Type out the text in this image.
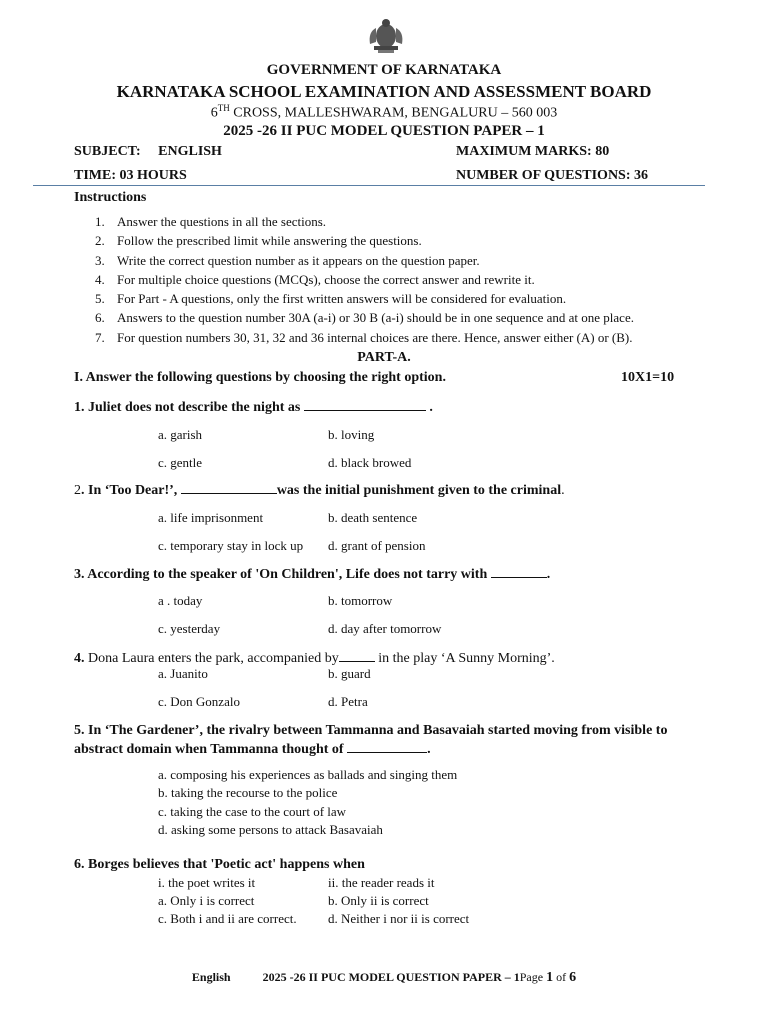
GOVERNMENT OF KARNATAKA
KARNATAKA SCHOOL EXAMINATION AND ASSESSMENT BOARD
6TH CROSS, MALLESHWARAM, BENGALURU – 560 003
2025 -26 II PUC MODEL QUESTION PAPER – 1
SUBJECT:     ENGLISH	MAXIMUM MARKS: 80
TIME: 03 HOURS	NUMBER OF QUESTIONS: 36
Instructions
1. Answer the questions in all the sections.
2. Follow the prescribed limit while answering the questions.
3. Write the correct question number as it appears on the question paper.
4. For multiple choice questions (MCQs), choose the correct answer and rewrite it.
5. For Part - A questions, only the first written answers will be considered for evaluation.
6. Answers to the question number 30A (a-i) or 30 B (a-i) should be in one sequence and at one place.
7. For question numbers 30, 31, 32 and 36 internal choices are there. Hence, answer either (A) or (B).
PART-A.
I. Answer the following questions by choosing the right option.	10X1=10
1. Juliet does not describe the night as	.
a. garish	b. loving
c. gentle	d. black browed
2. In ‘Too Dear!’,	was the initial punishment given to the criminal.
a. life imprisonment	b. death sentence
c. temporary stay in lock up d. grant of pension
3. According to the speaker of 'On Children', Life does not tarry with	.
a . today	b. tomorrow
c. yesterday	d. day after tomorrow
4. Dona Laura enters the park, accompanied by	in the play ‘A Sunny Morning’.
a. Juanito	b. guard
c. Don Gonzalo	d. Petra
5. In ‘The Gardener’, the rivalry between Tammanna and Basavaiah started moving from visible to
abstract domain when Tammanna thought of	.
a. composing his experiences as ballads and singing them
b. taking the recourse to the police
c. taking the case to the court of law
d. asking some persons to attack Basavaiah
6. Borges believes that 'Poetic act' happens when
i. the poet writes it	ii. the reader reads it
a. Only i is correct	b. Only ii is correct
c. Both i and ii are correct. d. Neither i nor ii is correct
English	2025 -26 II PUC MODEL QUESTION PAPER – 1Page 1 of 6
